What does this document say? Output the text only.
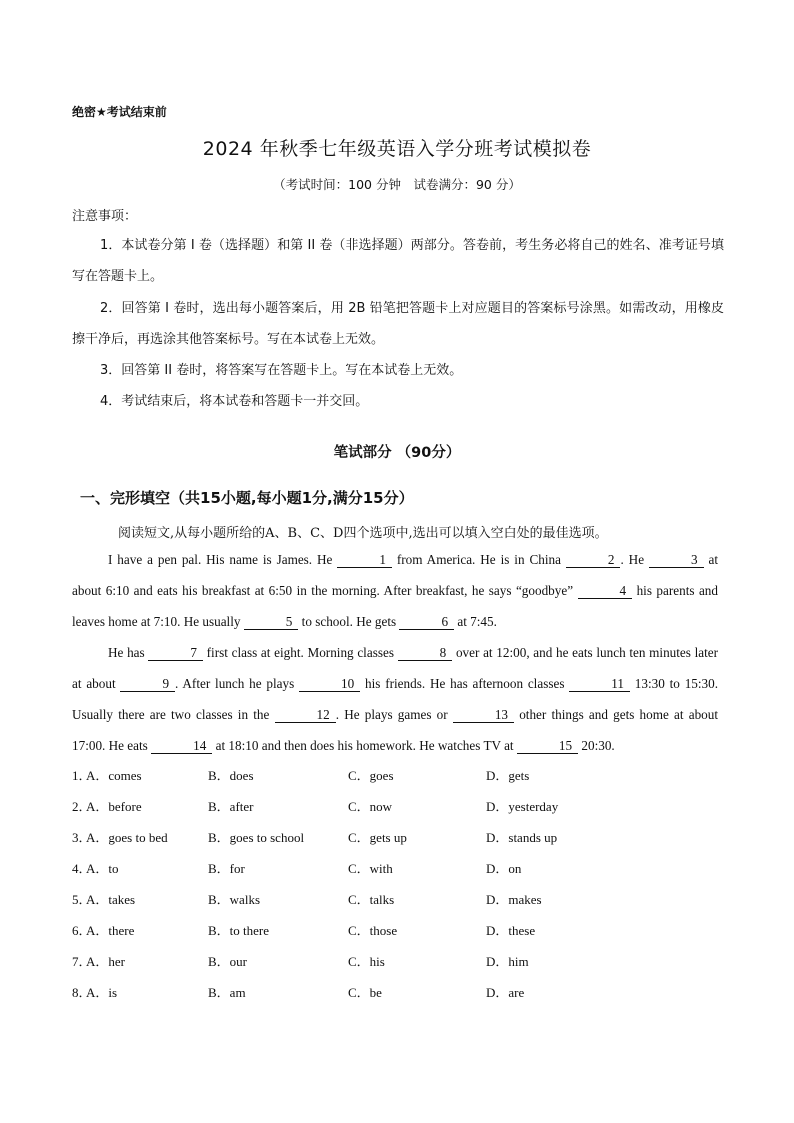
绝密★考试结束前
2024 年秋季七年级英语入学分班考试模拟卷
（考试时间：100 分钟　试卷满分：90 分）
注意事项：
1．本试卷分第 I 卷（选择题）和第 II 卷（非选择题）两部分。答卷前，考生务必将自己的姓名、准考证号填写在答题卡上。
2．回答第 I 卷时，选出每小题答案后，用 2B 铅笔把答题卡上对应题目的答案标号涂黑。如需改动，用橡皮擦干净后，再选涂其他答案标号。写在本试卷上无效。
3．回答第 II 卷时，将答案写在答题卡上。写在本试卷上无效。
4．考试结束后，将本试卷和答题卡一并交回。
笔试部分 （90分）
一、完形填空（共15小题,每小题1分,满分15分）
阅读短文,从每小题所给的A、B、C、D四个选项中,选出可以填入空白处的最佳选项。

I have a pen pal. His name is James. He	1 from America. He is in China	2 . He	3 at about 6:10 and eats his breakfast at 6:50 in the morning. After breakfast, he says “goodbye”	4 his parents and leaves home at 7:10. He usually	5 to school. He gets	6 at 7:45.

He has	7 first class at eight. Morning classes	8 over at 12:00, and he eats lunch ten minutes later at about	9 . After lunch he plays	10 his friends. He has afternoon classes	11 13:30 to 15:30. Usually there are two classes in the	12 . He plays games or	13 other things and gets home at about 17:00. He eats	14 at 18:10 and then does his homework. He watches TV at	15 20:30.

1．
A．comes	B．does	C．goes	D．gets
2．
A．before	B．after	C．now	D．yesterday
3．
A．goes to bed	B．goes to school	C．gets up	D．stands up
4．
A．to	B．for	C．with	D．on
5．
A．takes	B．walks	C．talks	D．makes
6．
A．there	B．to there	C．those	D．these
7．
A．her	B．our	C．his	D．him
8．
A．is	B．am	C．be	D．are
